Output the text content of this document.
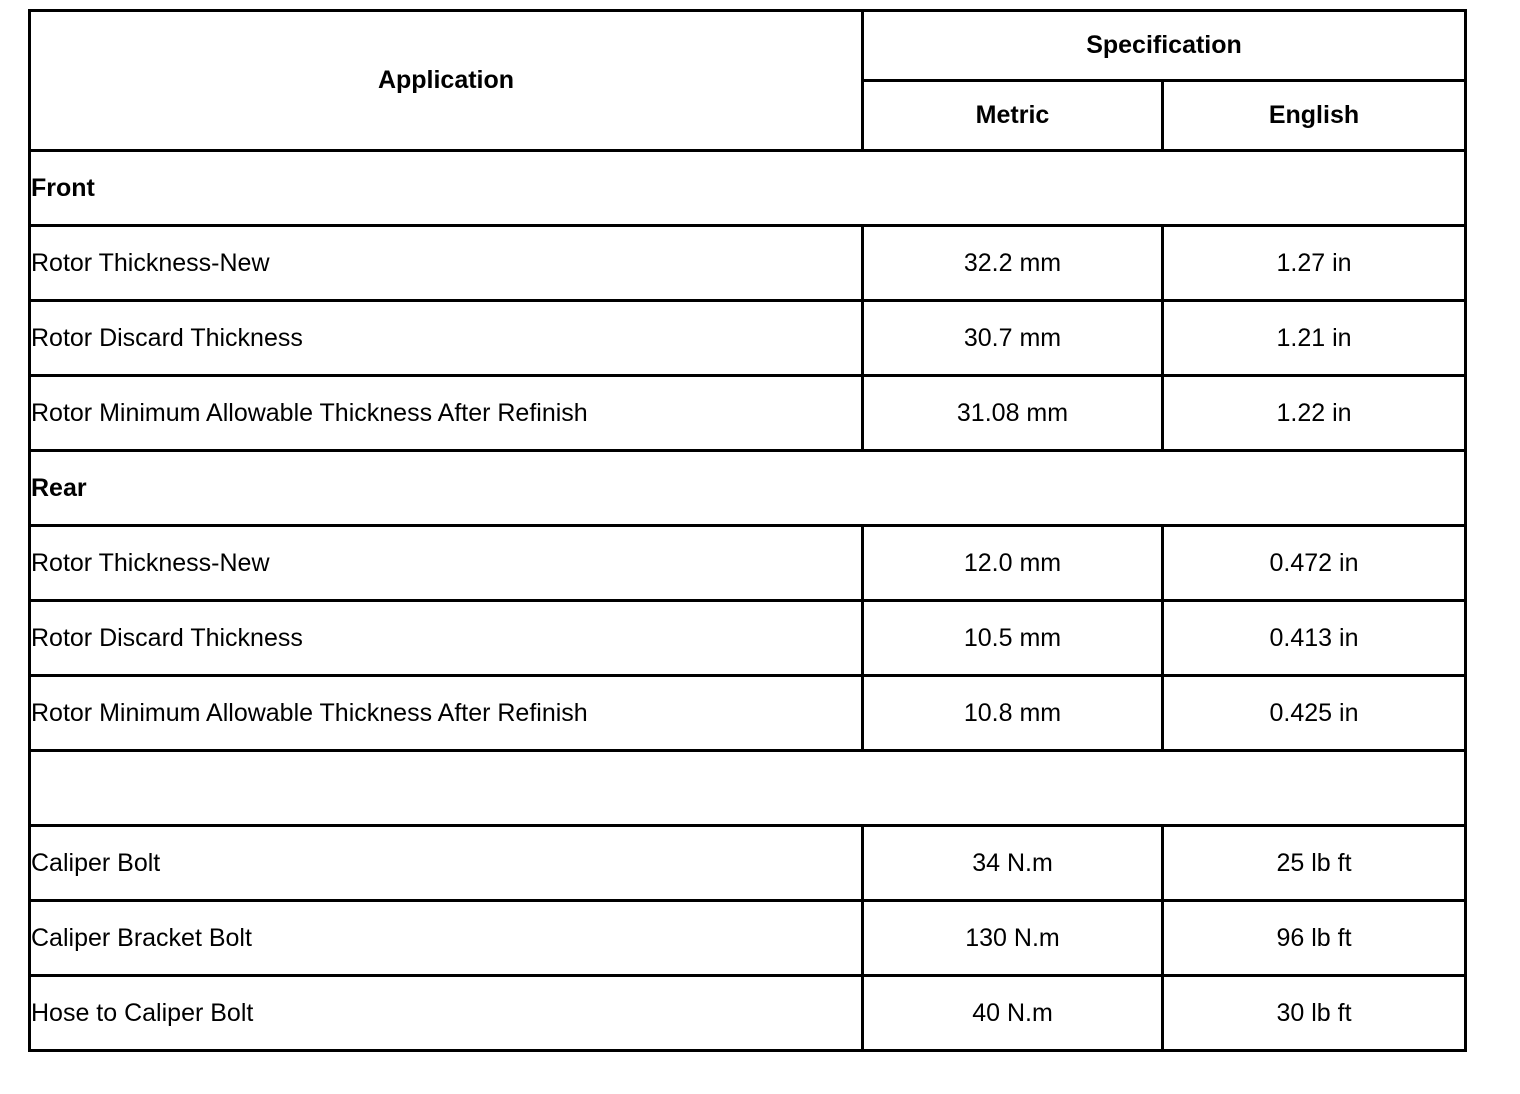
Application	Specification	
	Metric	English
Front		
Rotor Thickness-New	32.2 mm	1.27 in
Rotor Discard Thickness	30.7 mm	1.21 in
Rotor Minimum Allowable Thickness After Refinish	31.08 mm	1.22 in
Rear		
Rotor Thickness-New	12.0 mm	0.472 in
Rotor Discard Thickness	10.5 mm	0.413 in
Rotor Minimum Allowable Thickness After Refinish	10.8 mm	0.425 in

Caliper Bolt	34 N.m	25 lb ft
Caliper Bracket Bolt	130 N.m	96 lb ft
Hose to Caliper Bolt	40 N.m	30 lb ft
